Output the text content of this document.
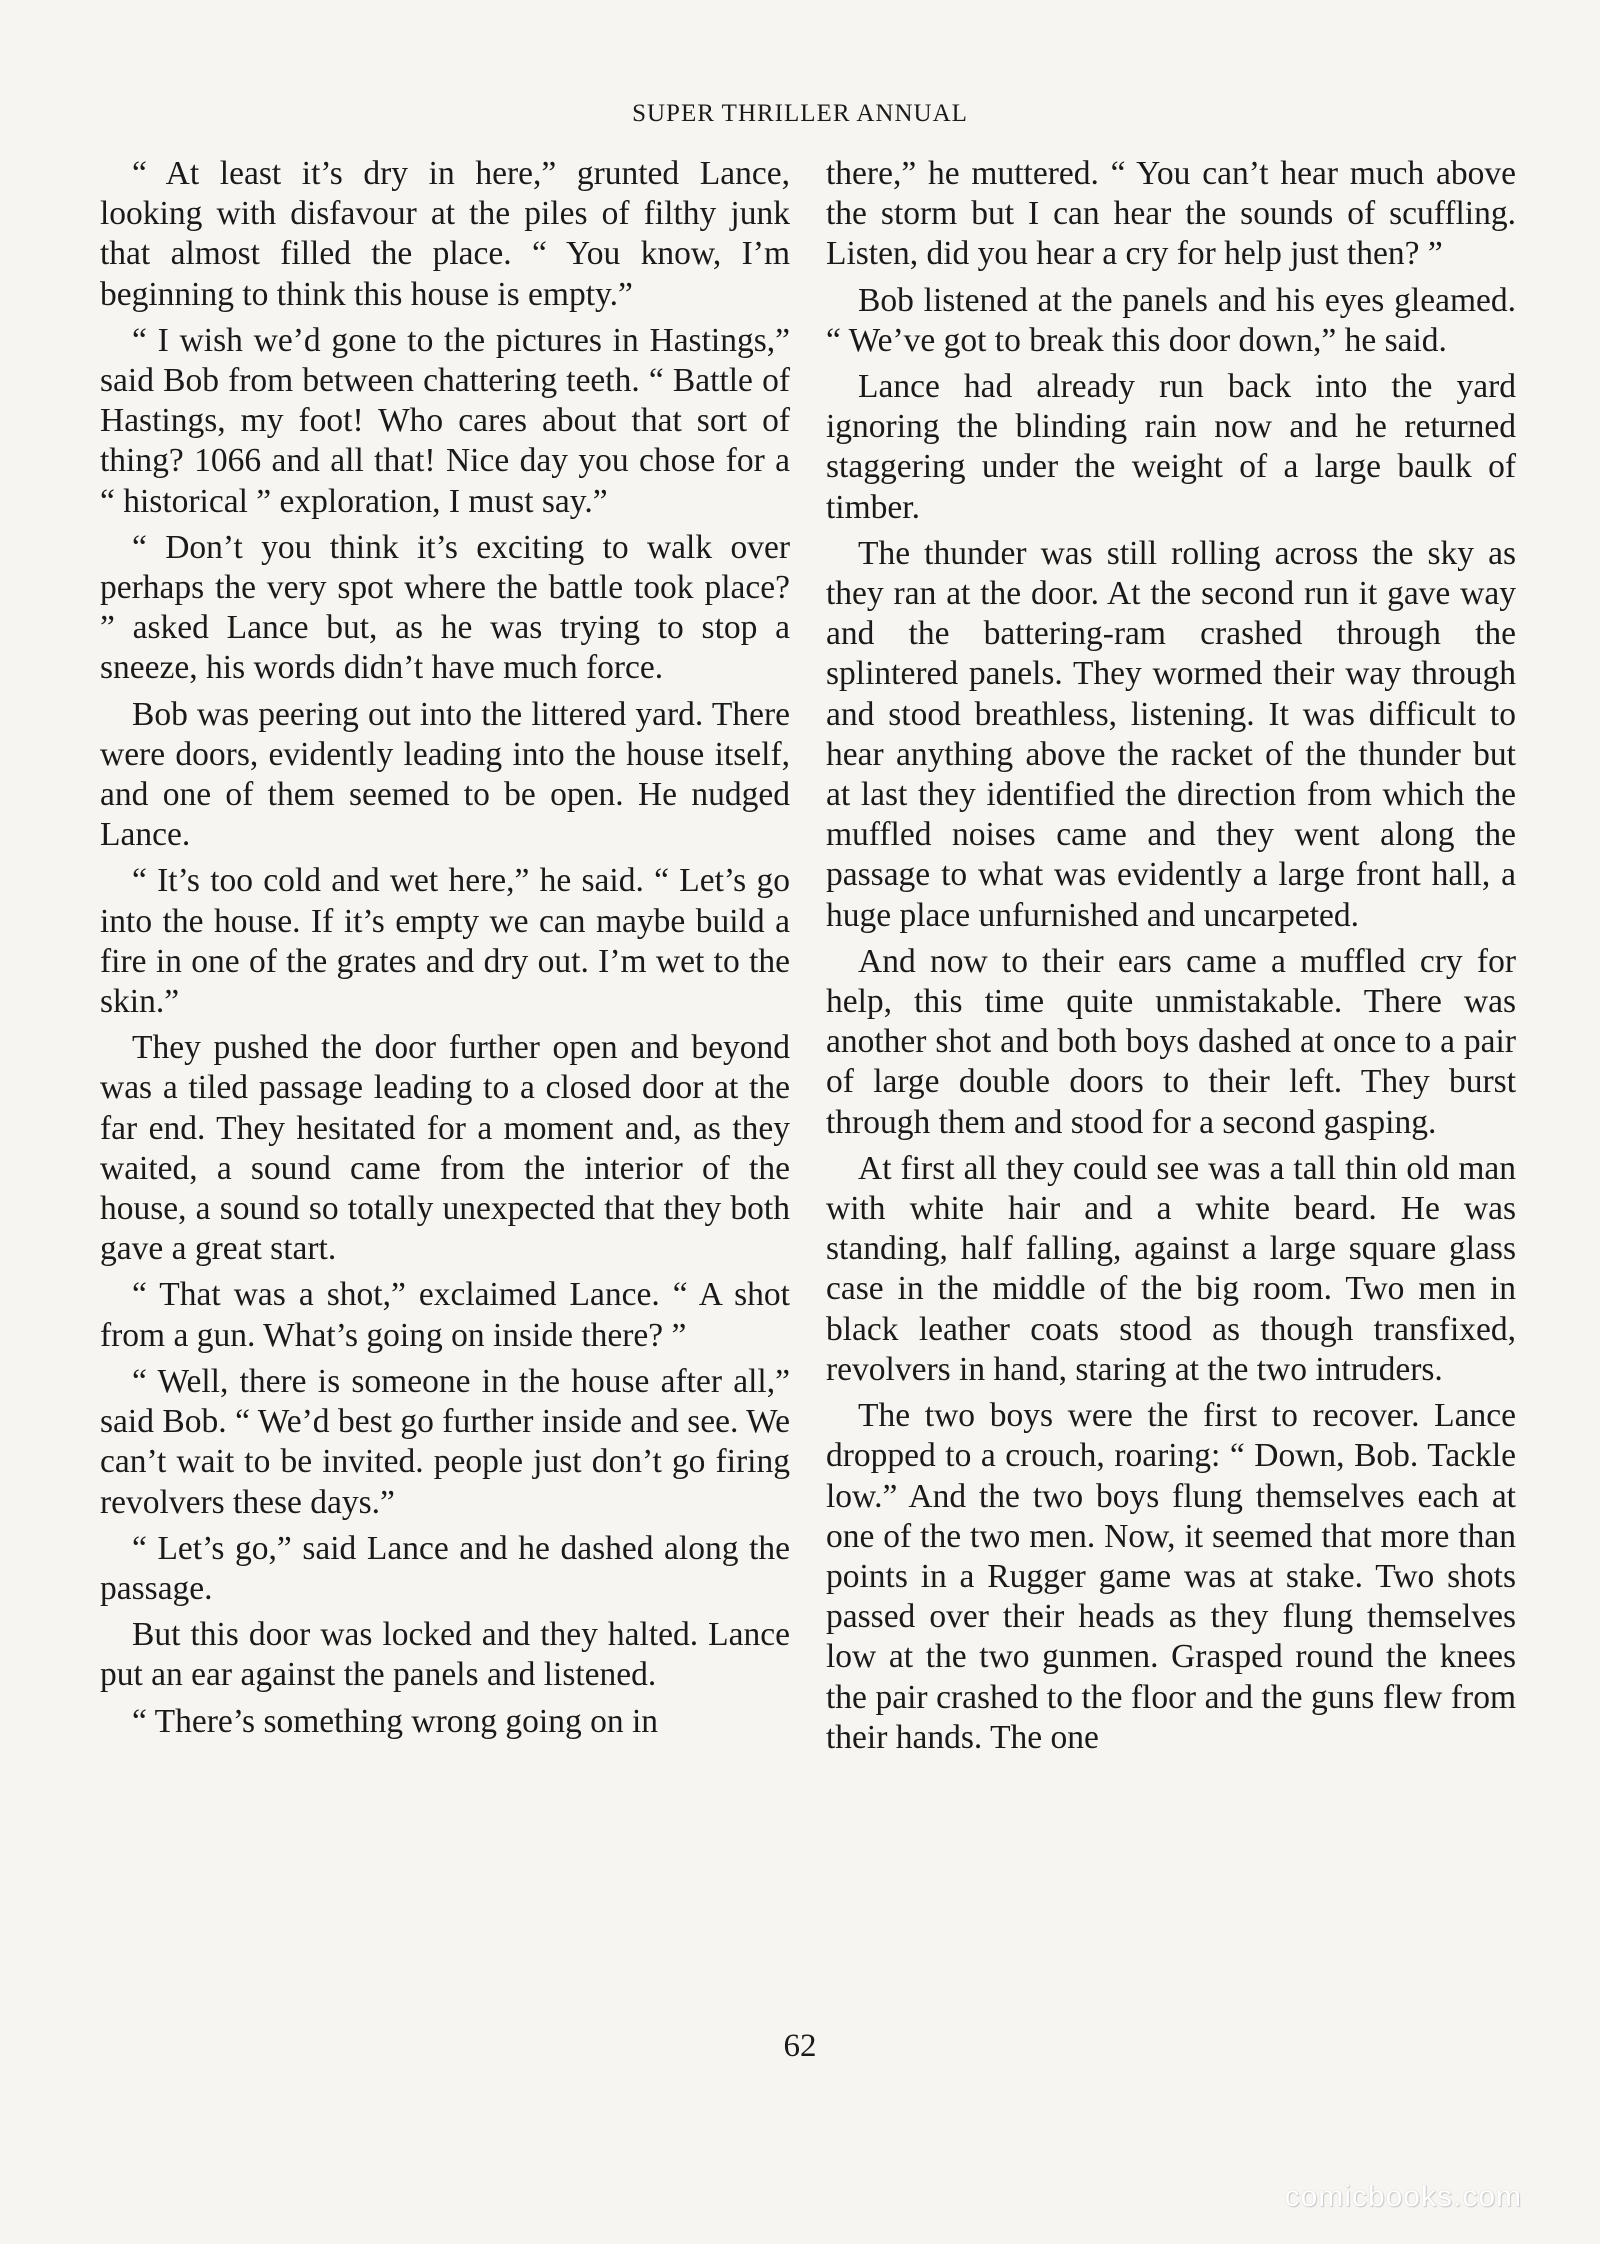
SUPER THRILLER ANNUAL

“ At least it’s dry in here,” grunted Lance, looking with disfavour at the piles of filthy junk that almost filled the place. “ You know, I’m beginning to think this house is empty.”

“ I wish we’d gone to the pictures in Hastings,” said Bob from between chattering teeth. “ Battle of Hastings, my foot! Who cares about that sort of thing? 1066 and all that! Nice day you chose for a “ historical ” exploration, I must say.”

“ Don’t you think it’s exciting to walk over perhaps the very spot where the battle took place? ” asked Lance but, as he was trying to stop a sneeze, his words didn’t have much force.

Bob was peering out into the littered yard. There were doors, evidently leading into the house itself, and one of them seemed to be open. He nudged Lance.

“ It’s too cold and wet here,” he said. “ Let’s go into the house. If it’s empty we can maybe build a fire in one of the grates and dry out. I’m wet to the skin.”

They pushed the door further open and beyond was a tiled passage leading to a closed door at the far end. They hesitated for a moment and, as they waited, a sound came from the interior of the house, a sound so totally unexpected that they both gave a great start.

“ That was a shot,” exclaimed Lance. “ A shot from a gun. What’s going on inside there? ”

“ Well, there is someone in the house after all,” said Bob. “ We’d best go further inside and see. We can’t wait to be invited. people just don’t go firing revolvers these days.”

“ Let’s go,” said Lance and he dashed along the passage.

But this door was locked and they halted. Lance put an ear against the panels and listened.

“ There’s something wrong going on in

there,” he muttered. “ You can’t hear much above the storm but I can hear the sounds of scuffling. Listen, did you hear a cry for help just then? ”

Bob listened at the panels and his eyes gleamed. “ We’ve got to break this door down,” he said.

Lance had already run back into the yard ignoring the blinding rain now and he returned staggering under the weight of a large baulk of timber.

The thunder was still rolling across the sky as they ran at the door. At the second run it gave way and the battering-ram crashed through the splintered panels. They wormed their way through and stood breathless, listening. It was difficult to hear anything above the racket of the thunder but at last they identified the direction from which the muffled noises came and they went along the passage to what was evidently a large front hall, a huge place unfurnished and uncarpeted.

And now to their ears came a muffled cry for help, this time quite unmistakable. There was another shot and both boys dashed at once to a pair of large double doors to their left. They burst through them and stood for a second gasping.

At first all they could see was a tall thin old man with white hair and a white beard. He was standing, half falling, against a large square glass case in the middle of the big room. Two men in black leather coats stood as though transfixed, revolvers in hand, staring at the two intruders.

The two boys were the first to recover. Lance dropped to a crouch, roaring: “ Down, Bob. Tackle low.” And the two boys flung themselves each at one of the two men. Now, it seemed that more than points in a Rugger game was at stake. Two shots passed over their heads as they flung themselves low at the two gunmen. Grasped round the knees the pair crashed to the floor and the guns flew from their hands. The one

62
comicbooks.com
